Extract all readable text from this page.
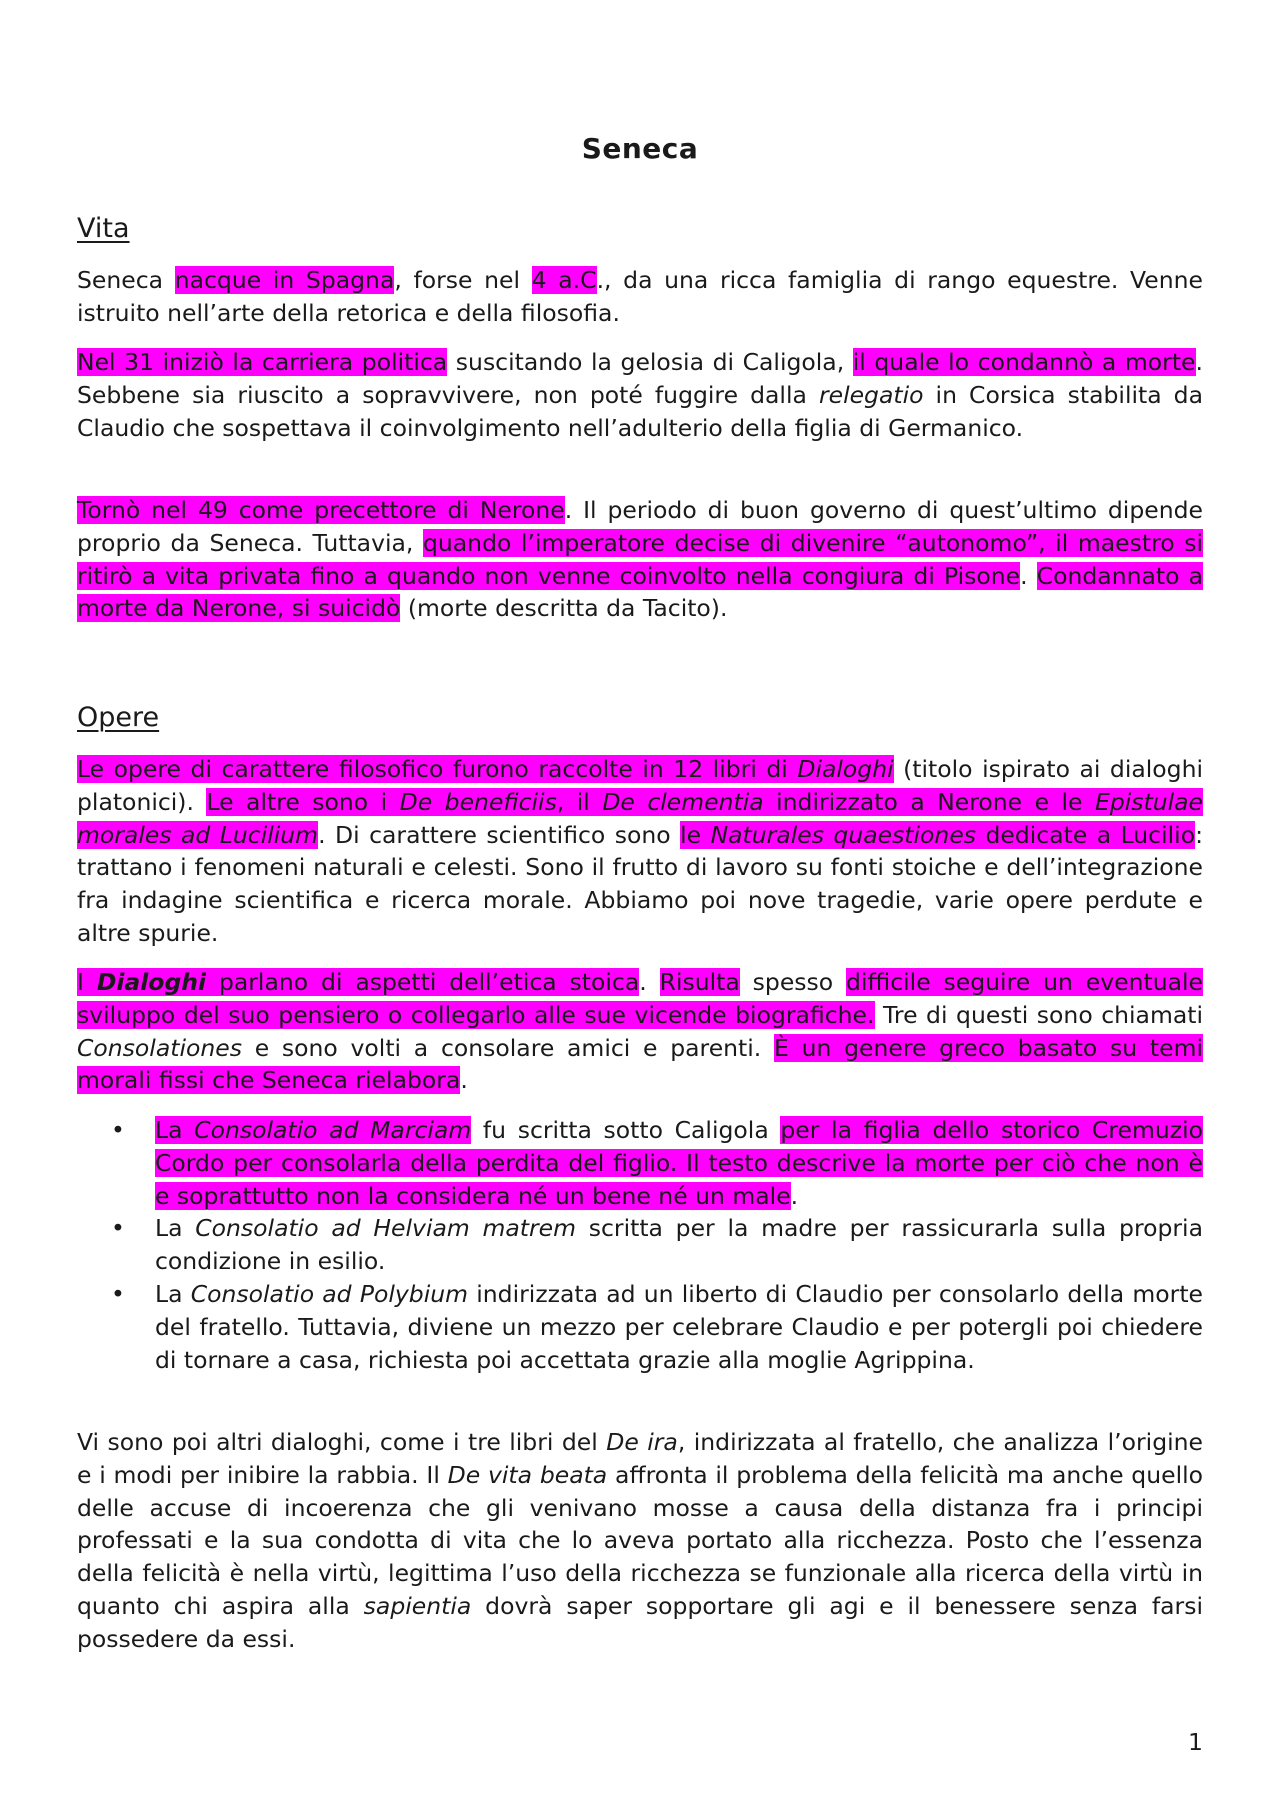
Seneca
Vita

Seneca nacque in Spagna, forse nel 4 a.C., da una ricca famiglia di rango equestre. Venne istruito nell’arte della retorica e della filosofia.

Nel 31 iniziò la carriera politica suscitando la gelosia di Caligola, il quale lo condannò a morte. Sebbene sia riuscito a sopravvivere, non poté fuggire dalla relegatio in Corsica stabilita da Claudio che sospettava il coinvolgimento nell’adulterio della figlia di Germanico.

Tornò nel 49 come precettore di Nerone. Il periodo di buon governo di quest’ultimo dipende proprio da Seneca. Tuttavia, quando l’imperatore decise di divenire “autonomo”, il maestro si ritirò a vita privata fino a quando non venne coinvolto nella congiura di Pisone. Condannato a morte da Nerone, si suicidò (morte descritta da Tacito).

Opere

Le opere di carattere filosofico furono raccolte in 12 libri di Dialoghi (titolo ispirato ai dialoghi platonici). Le altre sono i De beneficiis, il De clementia indirizzato a Nerone e le Epistulae morales ad Lucilium. Di carattere scientifico sono le Naturales quaestiones dedicate a Lucilio: trattano i fenomeni naturali e celesti. Sono il frutto di lavoro su fonti stoiche e dell’integrazione fra indagine scientifica e ricerca morale. Abbiamo poi nove tragedie, varie opere perdute e altre spurie.

I Dialoghi parlano di aspetti dell’etica stoica. Risulta spesso difficile seguire un eventuale sviluppo del suo pensiero o collegarlo alle sue vicende biografiche. Tre di questi sono chiamati Consolationes e sono volti a consolare amici e parenti. È un genere greco basato su temi morali fissi che Seneca rielabora.

• La Consolatio ad Marciam fu scritta sotto Caligola per la figlia dello storico Cremuzio Cordo per consolarla della perdita del figlio. Il testo descrive la morte per ciò che non è e soprattutto non la considera né un bene né un male.
• La Consolatio ad Helviam matrem scritta per la madre per rassicurarla sulla propria condizione in esilio.
• La Consolatio ad Polybium indirizzata ad un liberto di Claudio per consolarlo della morte del fratello. Tuttavia, diviene un mezzo per celebrare Claudio e per potergli poi chiedere di tornare a casa, richiesta poi accettata grazie alla moglie Agrippina.

Vi sono poi altri dialoghi, come i tre libri del De ira, indirizzata al fratello, che analizza l’origine e i modi per inibire la rabbia. Il De vita beata affronta il problema della felicità ma anche quello delle accuse di incoerenza che gli venivano mosse a causa della distanza fra i principi professati e la sua condotta di vita che lo aveva portato alla ricchezza. Posto che l’essenza della felicità è nella virtù, legittima l’uso della ricchezza se funzionale alla ricerca della virtù in quanto chi aspira alla sapientia dovrà saper sopportare gli agi e il benessere senza farsi possedere da essi.

1
